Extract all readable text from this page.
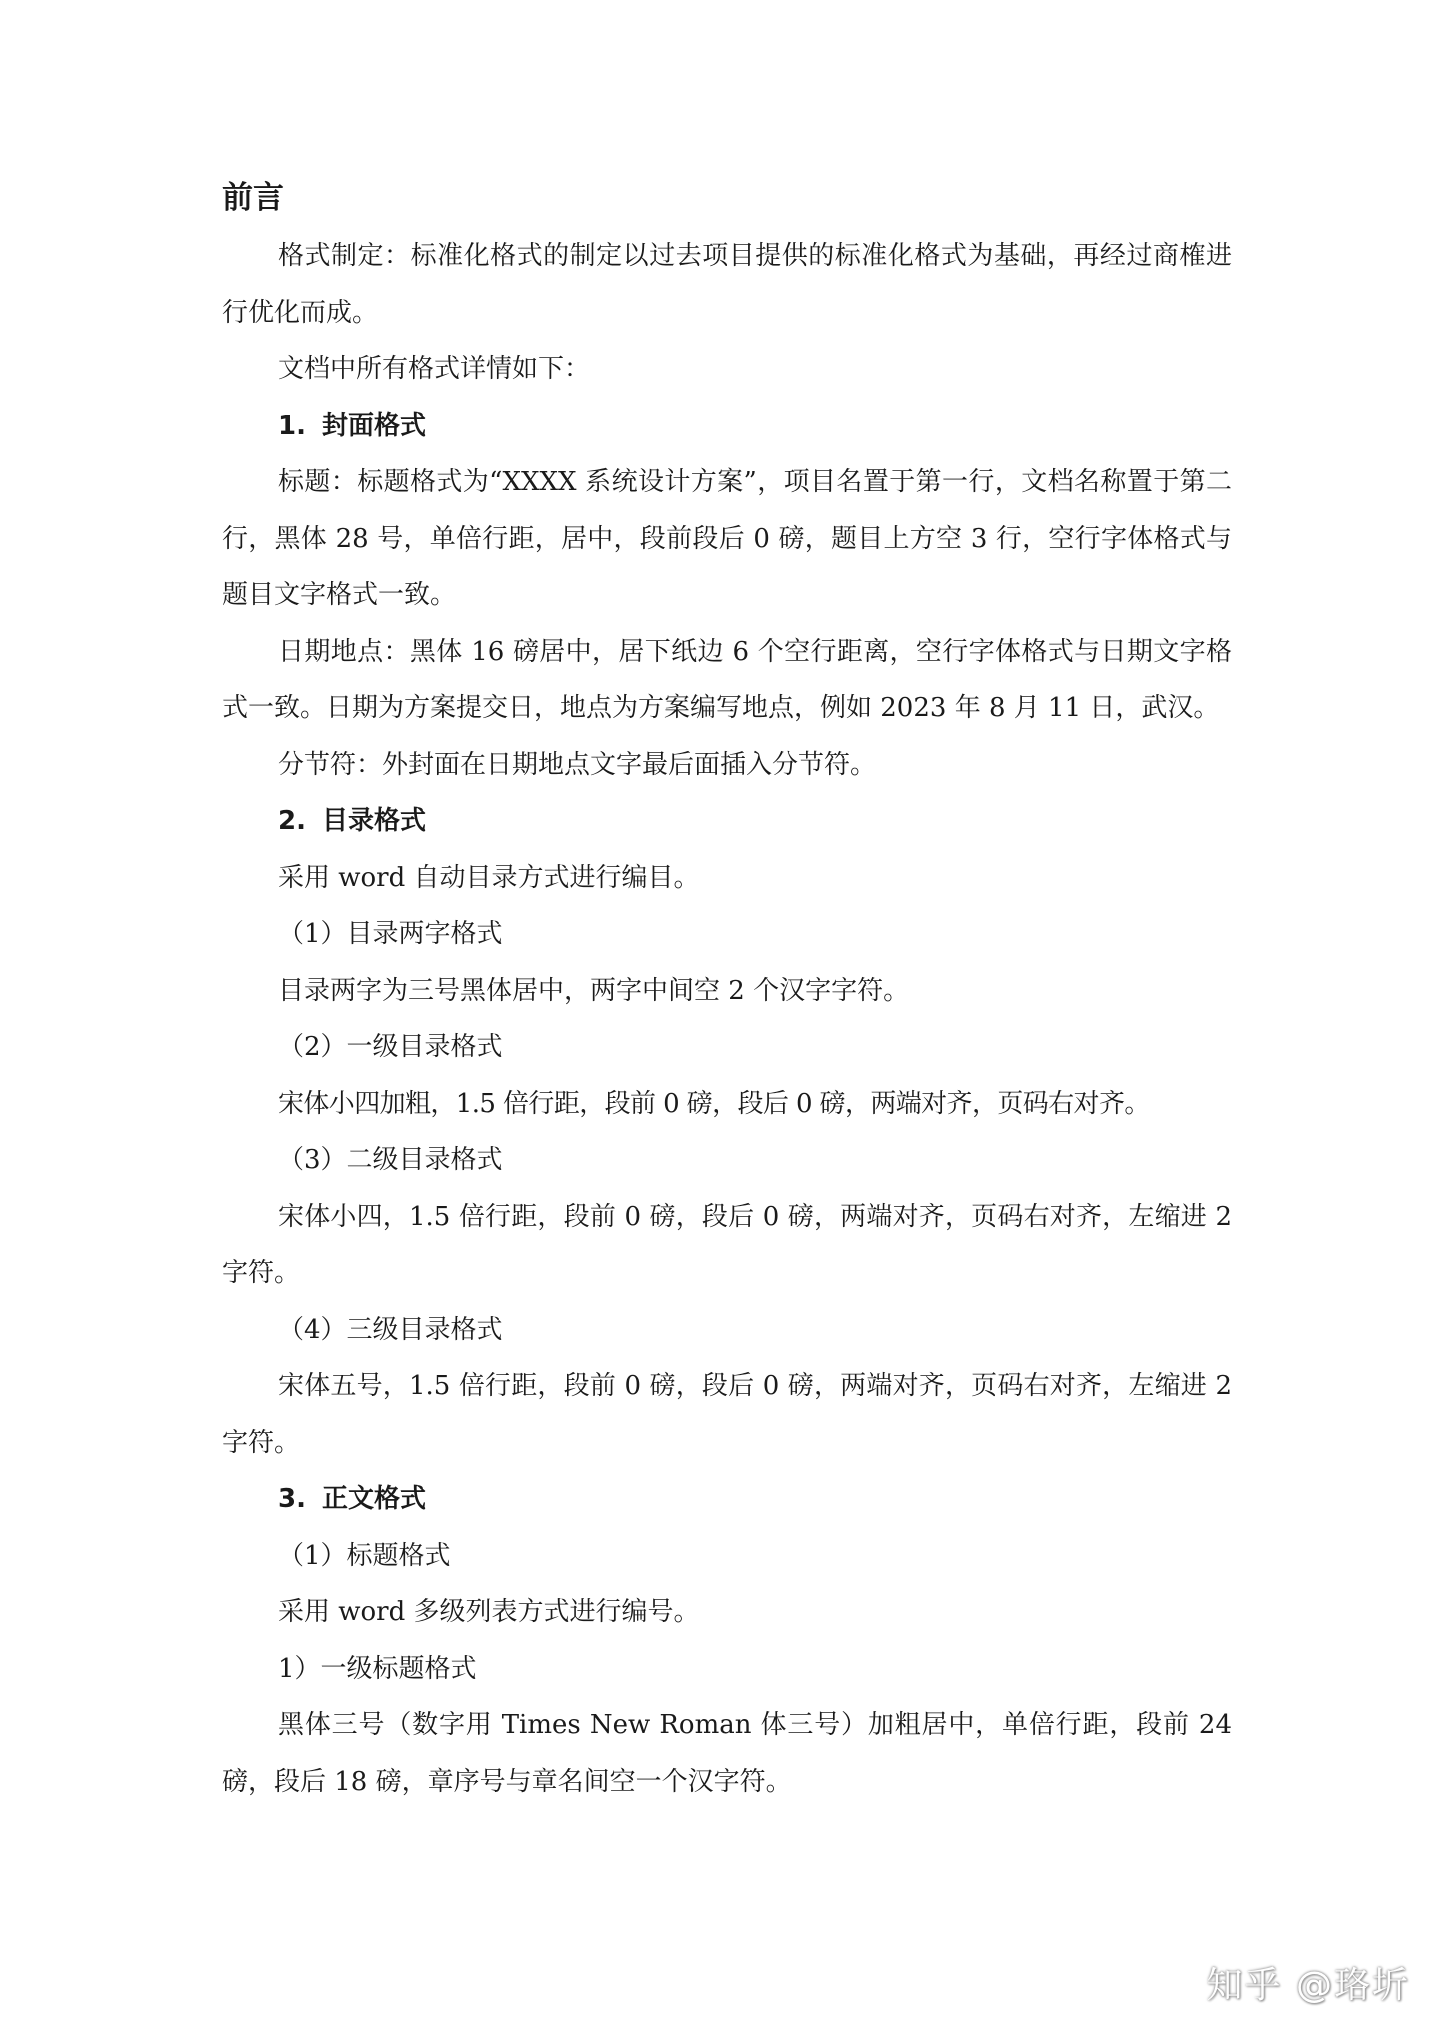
前言

格式制定：标准化格式的制定以过去项目提供的标准化格式为基础，再经过商榷进行优化而成。

文档中所有格式详情如下：

1. 封面格式

标题：标题格式为“XXXX 系统设计方案”，项目名置于第一行，文档名称置于第二行，黑体 28 号，单倍行距，居中，段前段后 0 磅，题目上方空 3 行，空行字体格式与题目文字格式一致。

日期地点：黑体 16 磅居中，居下纸边 6 个空行距离，空行字体格式与日期文字格式一致。日期为方案提交日，地点为方案编写地点，例如 2023 年 8 月 11 日，武汉。

分节符：外封面在日期地点文字最后面插入分节符。

2. 目录格式

采用 word 自动目录方式进行编目。

（1）目录两字格式

目录两字为三号黑体居中，两字中间空 2 个汉字字符。

（2）一级目录格式

宋体小四加粗，1.5 倍行距，段前 0 磅，段后 0 磅，两端对齐，页码右对齐。

（3）二级目录格式

宋体小四，1.5 倍行距，段前 0 磅，段后 0 磅，两端对齐，页码右对齐，左缩进 2 字符。

（4）三级目录格式

宋体五号，1.5 倍行距，段前 0 磅，段后 0 磅，两端对齐，页码右对齐，左缩进 2 字符。

3. 正文格式

（1）标题格式

采用 word 多级列表方式进行编号。

1）一级标题格式

黑体三号（数字用 Times New Roman 体三号）加粗居中，单倍行距，段前 24 磅，段后 18 磅，章序号与章名间空一个汉字符。

知乎 @珞圻
